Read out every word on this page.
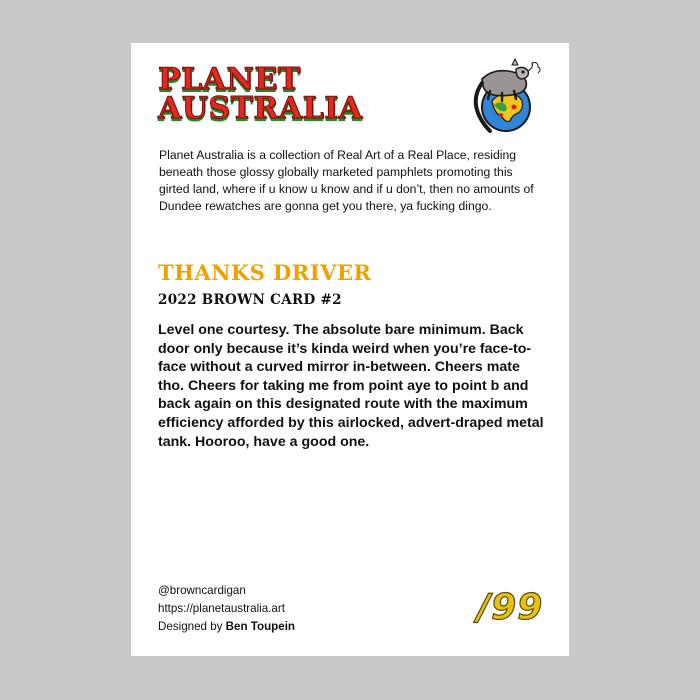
PLANET
AUSTRALIA
Planet Australia is a collection of Real Art of a Real Place, residing beneath those glossy globally marketed pamphlets promoting this girted land, where if u know u know and if u don’t, then no amounts of Dundee rewatches are gonna get you there, ya fucking dingo.
THANKS DRIVER
2022 BROWN CARD #2
Level one courtesy. The absolute bare minimum. Back door only because it’s kinda weird when you’re face-to-face without a curved mirror in-between. Cheers mate tho. Cheers for taking me from point aye to point b and back again on this designated route with the maximum efficiency afforded by this airlocked, advert-draped metal tank. Hooroo, have a good one.
@browncardigan
https://planetaustralia.art
Designed by Ben Toupein	/99
